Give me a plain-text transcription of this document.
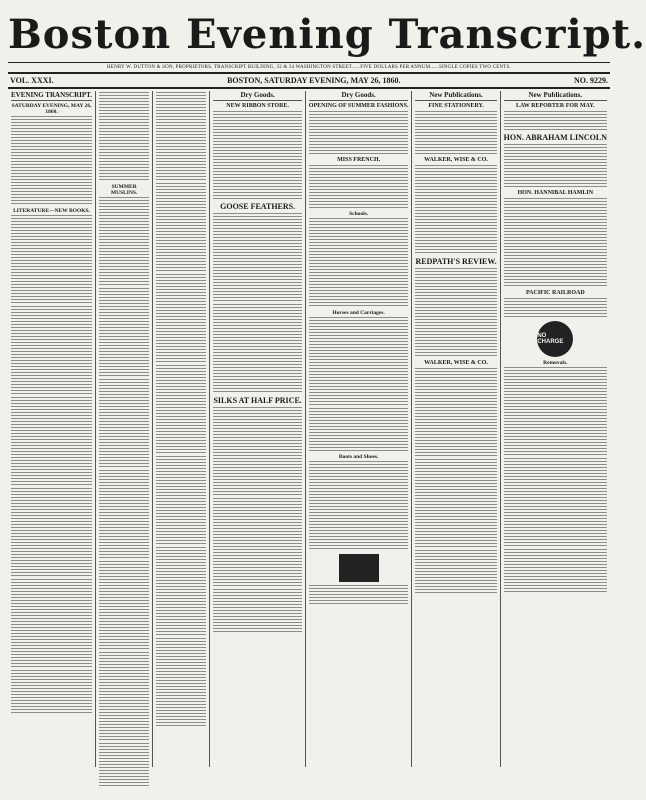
Boston Evening Transcript.
HENRY W. DUTTON & SON, PROPRIETORS, TRANSCRIPT BUILDING, 32 & 34 WASHINGTON STREET......FIVE DOLLARS PER ANNUM......SINGLE COPIES TWO CENTS.
VOL. XXXI.	BOSTON, SATURDAY EVENING, MAY 26, 1860.	NO. 9229.
EVENING TRANSCRIPT.
SATURDAY EVENING, MAY 26, 1860.
LITERATURE—NEW BOOKS.
SUMMER MUSLINS.
Dry Goods.
NEW RIBBON STORE.
GOOSE FEATHERS.
SILKS AT HALF PRICE.
Dry Goods.
OPENING OF SUMMER FASHIONS.
MISS FRENCH.
Schools.
Horses and Carriages.
Boots and Shoes.
New Publications.
FINE STATIONERY.
WALKER, WISE & CO.
REDPATH'S REVIEW.
WALKER, WISE & CO.
New Publications.
LAW REPORTER FOR MAY.
HON. ABRAHAM LINCOLN
HON. HANNIBAL HAMLIN
PACIFIC RAILROAD
NO CHARGE
Removals.
